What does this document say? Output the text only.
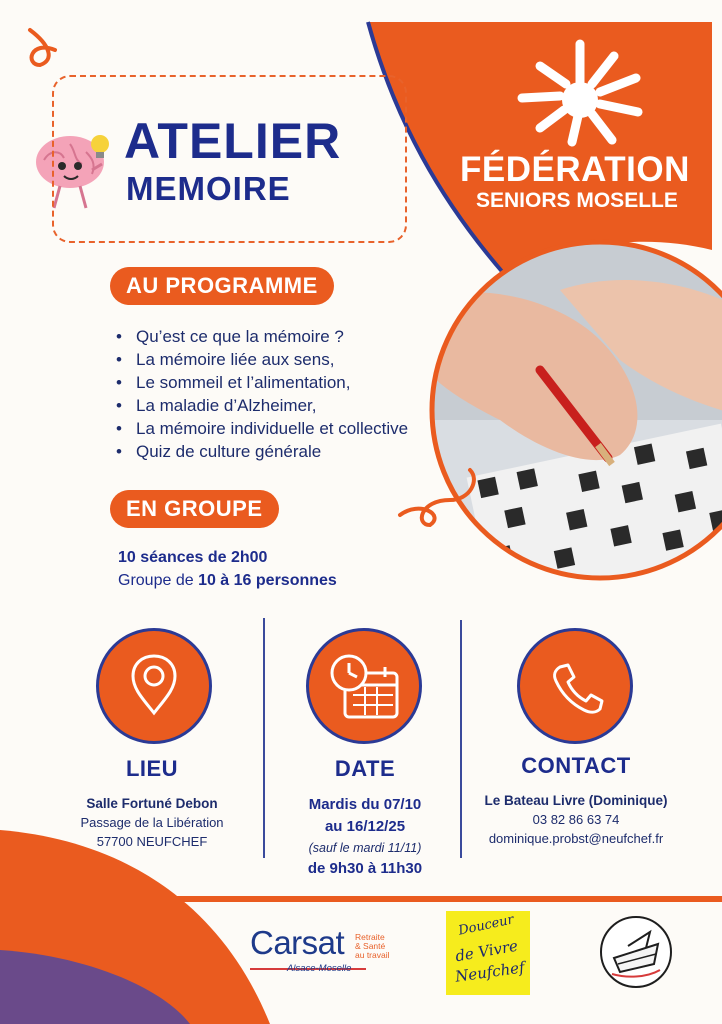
ATELIER
MEMOIRE	FÉDÉRATION
SENIORS MOSELLE
AU PROGRAMME
• Qu’est ce que la mémoire ?
• La mémoire liée aux sens,
• Le sommeil et l’alimentation,
• La maladie d’Alzheimer,
• La mémoire individuelle et collective
• Quiz de culture générale
EN GROUPE
10 séances de 2h00
Groupe de 10 à 16 personnes
LIEU
Salle Fortuné Debon
Passage de la Libération
57700 NEUFCHEF
DATE
Mardis du 07/10
au 16/12/25
(sauf le mardi 11/11)
de 9h30 à 11h30
CONTACT
Le Bateau Livre (Dominique)
03 82 86 63 74
dominique.probst@neufchef.fr
Carsat Retraite
& Santé
au travail
Alsace-Moselle
Douceur
de Vivre
Neufchef
